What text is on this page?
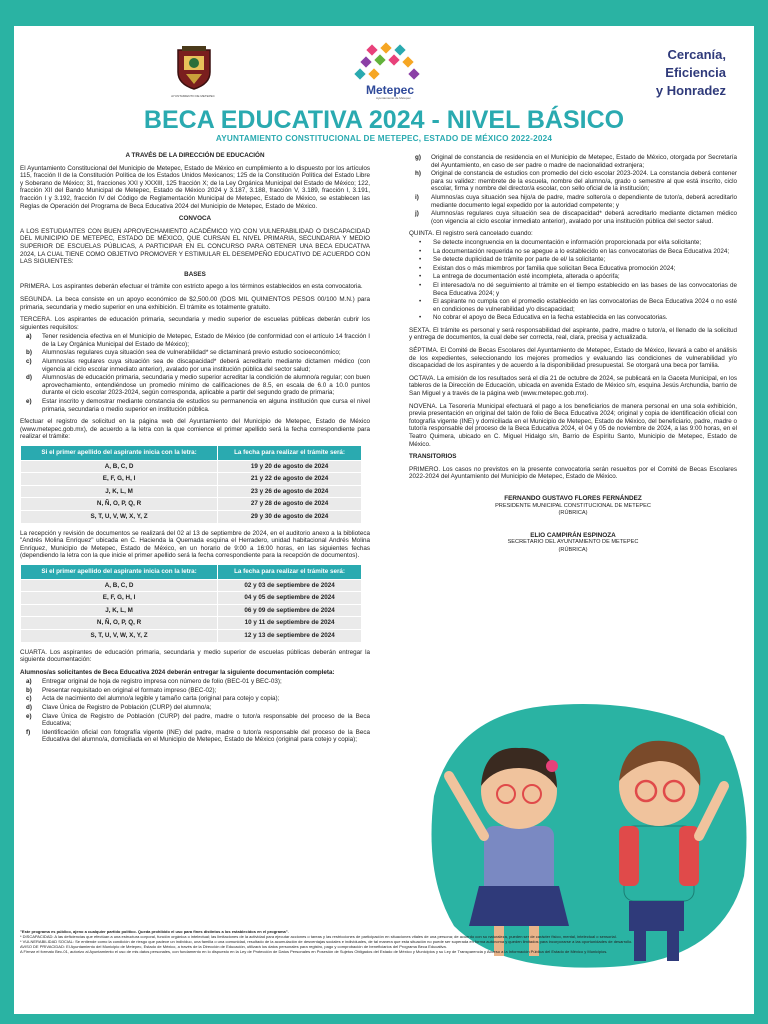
AYUNTAMIENTO DE METEPEC	Metepec
Ayuntamiento de Metepec
Cercanía,
Eficiencia
y Honradez
BECA EDUCATIVA 2024 - NIVEL BÁSICO
AYUNTAMIENTO CONSTITUCIONAL DE METEPEC, ESTADO DE MÉXICO 2022-2024

A TRAVÉS DE LA DIRECCIÓN DE EDUCACIÓN

El Ayuntamiento Constitucional del Municipio de Metepec, Estado de México en cumplimiento a lo dispuesto por los artículos 115, fracción II de la Constitución Política de los Estados Unidos Mexicanos; 125 de la Constitución Política del Estado Libre y Soberano de México; 31, fracciones XXI y XXXIII, 125 fracción X; de la Ley Orgánica Municipal del Estado de México; 122, fracción XII del Bando Municipal de Metepec, Estado de México 2024 y 3.187, 3.188, fracción V, 3.189, fracción I, 3.191, fracción I y 3.192, fracción IV del Código de Reglamentación Municipal de Metepec, Estado de México, se establecen las Reglas de Operación del Programa de Beca Educativa 2024 del Municipio de Metepec, Estado de México.

CONVOCA

A LOS ESTUDIANTES CON BUEN APROVECHAMIENTO ACADÉMICO Y/O CON VULNERABILIDAD O DISCAPACIDAD DEL MUNICIPIO DE METEPEC, ESTADO DE MÉXICO, QUE CURSAN EL NIVEL PRIMARIA, SECUNDARIA Y MEDIO SUPERIOR DE ESCUELAS PÚBLICAS, A PARTICIPAR EN EL CONCURSO PARA OBTENER UNA BECA EDUCATIVA 2024, LA CUAL TIENE COMO OBJETIVO PROMOVER Y ESTIMULAR EL DESEMPEÑO EDUCATIVO DE ACUERDO CON LAS SIGUIENTES:

BASES

PRIMERA. Los aspirantes deberán efectuar el trámite con estricto apego a los términos establecidos en esta convocatoria.

SEGUNDA. La beca consiste en un apoyo económico de $2,500.00 (DOS MIL QUINIENTOS PESOS 00/100 M.N.) para primaria, secundaria y medio superior en una exhibición. El trámite es totalmente gratuito.

TERCERA. Los aspirantes de educación primaria, secundaria y medio superior de escuelas públicas deberán cubrir los siguientes requisitos:

a)	Tener residencia efectiva en el Municipio de Metepec, Estado de México (de conformidad con el artículo 14 fracción I de la Ley Orgánica Municipal del Estado de México);
b)	Alumnos/as regulares cuya situación sea de vulnerabilidad* se dictaminará previo estudio socioeconómico;
c)	Alumnos/as regulares cuya situación sea de discapacidad* deberá acreditarlo mediante dictamen médico (con vigencia al ciclo escolar inmediato anterior), avalado por una institución pública del sector salud;
d)	Alumnos/as de educación primaria, secundaria y medio superior acreditar la condición de alumno/a regular; con buen aprovechamiento, entendiéndose un promedio mínimo de calificaciones de 8.5, en escala de 6.0 a 10.0 puntos durante el ciclo escolar 2023-2024, según corresponda, aplicable a partir del segundo grado de primaria;
e)	Estar inscrito y demostrar mediante constancia de estudios su permanencia en alguna institución que cursa el nivel primaria, secundaria o medio superior en institución pública.

Efectuar el registro de solicitud en la página web del Ayuntamiento del Municipio de Metepec, Estado de México (www.metepec.gob.mx), de acuerdo a la letra con la que comience el primer apellido será la fecha correspondiente para realizar el trámite:

Si el primer apellido del aspirante inicia con la letra:	La fecha para realizar el trámite será:
A, B, C, D	19 y 20 de agosto de 2024
E, F, G, H, I	21 y 22 de agosto de 2024
J, K, L, M	23 y 26 de agosto de 2024
N, Ñ, O, P, Q, R	27 y 28 de agosto de 2024
S, T, U, V, W, X, Y, Z	29 y 30 de agosto de 2024

La recepción y revisión de documentos se realizará del 02 al 13 de septiembre de 2024, en el auditorio anexo a la biblioteca "Andrés Molina Enríquez" ubicada en C. Hacienda la Quemada esquina el Herradero, unidad habitacional Andrés Molina Enríquez, Municipio de Metepec, Estado de México, en un horario de 9:00 a 16:00 horas, en las siguientes fechas (dependiendo la letra con la que inicie el primer apellido será la fecha correspondiente para la recepción de documentos).

Si el primer apellido del aspirante inicia con la letra:	La fecha para realizar el trámite será:
A, B, C, D	02 y 03 de septiembre de 2024
E, F, G, H, I	04 y 05 de septiembre de 2024
J, K, L, M	06 y 09 de septiembre de 2024
N, Ñ, O, P, Q, R	10 y 11 de septiembre de 2024
S, T, U, V, W, X, Y, Z	12 y 13 de septiembre de 2024

CUARTA. Los aspirantes de educación primaria, secundaria y medio superior de escuelas públicas deberán entregar la siguiente documentación:

Alumnos/as solicitantes de Beca Educativa 2024 deberán entregar la siguiente documentación completa:

a)	Entregar original de hoja de registro impresa con número de folio (BEC-01 y BEC-03);
b)	Presentar requisitado en original el formato impreso (BEC-02);
c)	Acta de nacimiento del alumno/a legible y tamaño carta (original para cotejo y copia);
d)	Clave Única de Registro de Población (CURP) del alumno/a;
e)	Clave Única de Registro de Población (CURP) del padre, madre o tutor/a responsable del proceso de la Beca Educativa;
f)	Identificación oficial con fotografía vigente (INE) del padre, madre o tutor/a responsable del proceso de la Beca Educativa del alumno/a, domiciliada en el Municipio de Metepec, Estado de México (original para cotejo y copia);
g)	Original de constancia de residencia en el Municipio de Metepec, Estado de México, otorgada por Secretaría del Ayuntamiento, en caso de ser padre o madre de nacionalidad extranjera;
h)	Original de constancia de estudios con promedio del ciclo escolar 2023-2024. La constancia deberá contener para su validez: membrete de la escuela, nombre del alumno/a, grado o semestre al que está inscrito, ciclo escolar, firma y nombre del director/a escolar, con sello oficial de la institución;
i)	Alumnos/as cuya situación sea hijo/a de padre, madre soltero/a o dependiente de tutor/a, deberá acreditarlo mediante documento legal expedido por la autoridad competente; y
j)	Alumnos/as regulares cuya situación sea de discapacidad* deberá acreditarlo mediante dictamen médico (con vigencia al ciclo escolar inmediato anterior), avalado por una institución pública del sector salud.

QUINTA. El registro será cancelado cuando:

•	Se detecte incongruencia en la documentación e información proporcionada por el/la solicitante;
•	La documentación requerida no se apegue a lo establecido en las convocatorias de Beca Educativa 2024;
•	Se detecte duplicidad de trámite por parte de el/ la solicitante;
•	Existan dos o más miembros por familia que solicitan Beca Educativa promoción 2024;
•	La entrega de documentación esté incompleta, alterada o apócrifa;
•	El interesado/a no dé seguimiento al trámite en el tiempo establecido en las bases de las convocatorias de Beca Educativa 2024; y
•	El aspirante no cumpla con el promedio establecido en las convocatorias de Beca Educativa 2024 o no esté en condiciones de vulnerabilidad y/o discapacidad;
•	No cobrar el apoyo de Beca Educativa en la fecha establecida en las convocatorias.

SEXTA. El trámite es personal y será responsabilidad del aspirante, padre, madre o tutor/a, el llenado de la solicitud y entrega de documentos, la cual debe ser correcta, real, clara, precisa y actualizada.

SÉPTIMA. El Comité de Becas Escolares del Ayuntamiento de Metepec, Estado de México, llevará a cabo el análisis de los expedientes, seleccionando los mejores promedios y evaluando las condiciones de vulnerabilidad y/o discapacidad de los aspirantes y de acuerdo a la disponibilidad presupuestal. Se otorgará una beca por familia.

OCTAVA. La emisión de los resultados será el día 21 de octubre de 2024, se publicará en la Gaceta Municipal, en los tableros de la Dirección de Educación, ubicada en avenida Estado de México s/n, esquina Jesús Archundia, barrio de San Miguel y a través de la página web (www.metepec.gob.mx).

NOVENA. La Tesorería Municipal efectuará el pago a los beneficiarios de manera personal en una sola exhibición, previa presentación en original del talón de folio de Beca Educativa 2024; original y copia de identificación oficial con fotografía vigente (INE) y domiciliada en el Municipio de Metepec, Estado de México, del beneficiario, padre, madre o tutor/a responsable del proceso de la Beca Educativa 2024, el 04 y 05 de noviembre de 2024, a las 9:00 horas, en el Teatro Quimera, ubicado en C. Miguel Hidalgo s/n, Barrio de Espíritu Santo, Municipio de Metepec, Estado de México.

TRANSITORIOS

PRIMERO. Los casos no previstos en la presente convocatoria serán resueltos por el Comité de Becas Escolares 2022-2024 del Ayuntamiento del Municipio de Metepec, Estado de México.

FERNANDO GUSTAVO FLORES FERNÁNDEZ
PRESIDENTE MUNICIPAL CONSTITUCIONAL DE METEPEC
(RÚBRICA)
ELIO CAMPIRÁN ESPINOZA
SECRETARIO DEL AYUNTAMIENTO DE METEPEC
(RÚBRICA)
"Este programa es público, ajeno a cualquier partido político. Queda prohibido el uso para fines distintos a los establecidos en el programa".
* DISCAPACIDAD: A las deficiencias que efectúan a una estructura corporal, función orgánica o intelectual; las limitaciones de la actividad para ejecutar acciones o tareas y las restricciones de participación en situaciones vitales de una persona; de acuerdo con su naturaleza, pueden ser de carácter físico, mental, intelectual o sensorial.
* VULNERABILIDAD SOCIAL: Se entiende como la condición de riesgo que padece un individuo, una familia o una comunidad, resultado de la acumulación de desventajas sociales e individuales, de tal manera que esta situación no puede ser superada en forma autónoma y queden limitados para incorporarse a las oportunidades de desarrollo.
AVISO DE PRIVACIDAD: El Ayuntamiento del Municipio de Metepec, Estado de México, a través de la Dirección de Educación, utilizará los datos personales para registro, pago y comprobación de beneficiarios del Programa Beca Educativa.
A Firmar el formato Bec-01, autorizo al Ayuntamiento el uso de mis datos personales, con fundamento en lo dispuesto en la Ley de Protección de Datos Personales en Posesión de Sujetos Obligados del Estado de México y Municipios y su Ley de Transparencia y Acceso a la Información Pública del Estado de México y Municipios.
